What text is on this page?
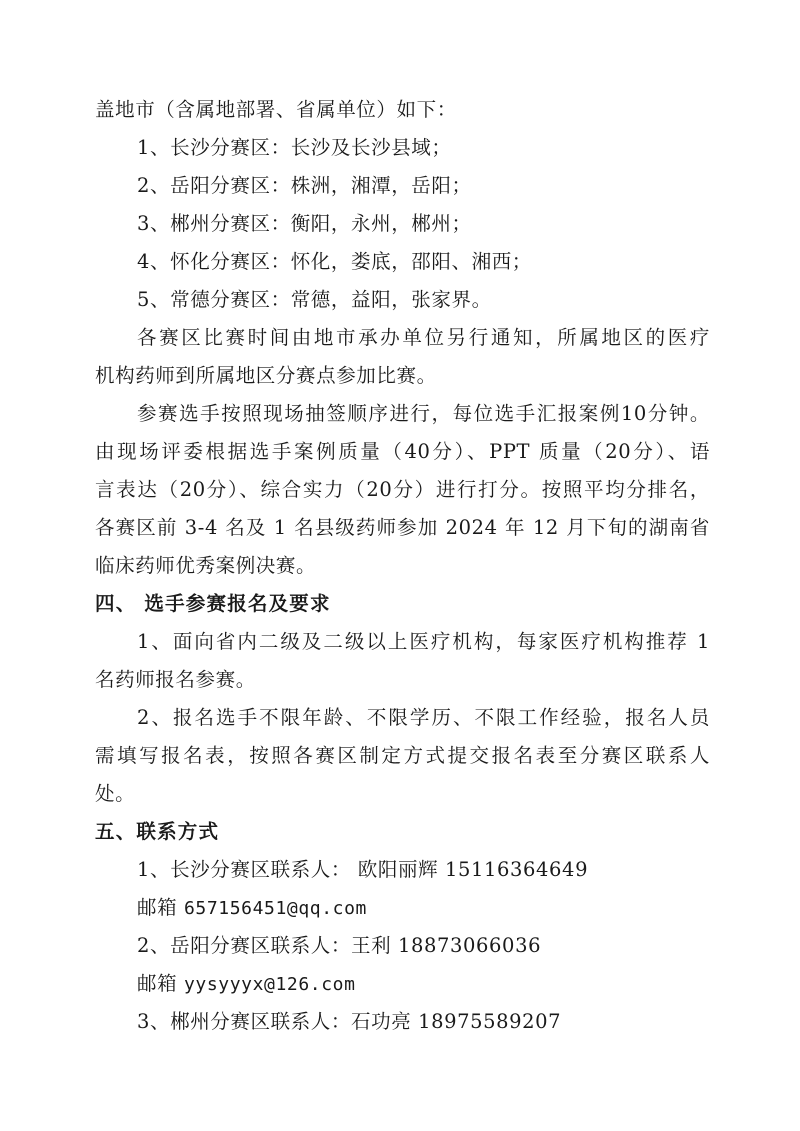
盖地市（含属地部署、省属单位）如下：
1、长沙分赛区：长沙及长沙县域；
2、岳阳分赛区：株洲，湘潭，岳阳；
3、郴州分赛区：衡阳，永州，郴州；
4、怀化分赛区：怀化，娄底，邵阳、湘西；
5、常德分赛区：常德，益阳，张家界。
各赛区比赛时间由地市承办单位另行通知，所属地区的医疗
机构药师到所属地区分赛点参加比赛。
参赛选手按照现场抽签顺序进行，每位选手汇报案例10分钟。
由现场评委根据选手案例质量（40分）、PPT 质量（20分）、语
言表达（20分）、综合实力（20分）进行打分。按照平均分排名，
各赛区前 3-4 名及 1 名县级药师参加 2024 年 12 月下旬的湖南省
临床药师优秀案例决赛。
四、 选手参赛报名及要求
1、面向省内二级及二级以上医疗机构，每家医疗机构推荐 1
名药师报名参赛。
2、报名选手不限年龄、不限学历、不限工作经验，报名人员
需填写报名表，按照各赛区制定方式提交报名表至分赛区联系人
处。
五、联系方式
1、长沙分赛区联系人： 欧阳丽辉 15116364649
邮箱 657156451@qq.com
2、岳阳分赛区联系人：王利 18873066036
邮箱 yysyyyx@126.com
3、郴州分赛区联系人：石功亮 18975589207
